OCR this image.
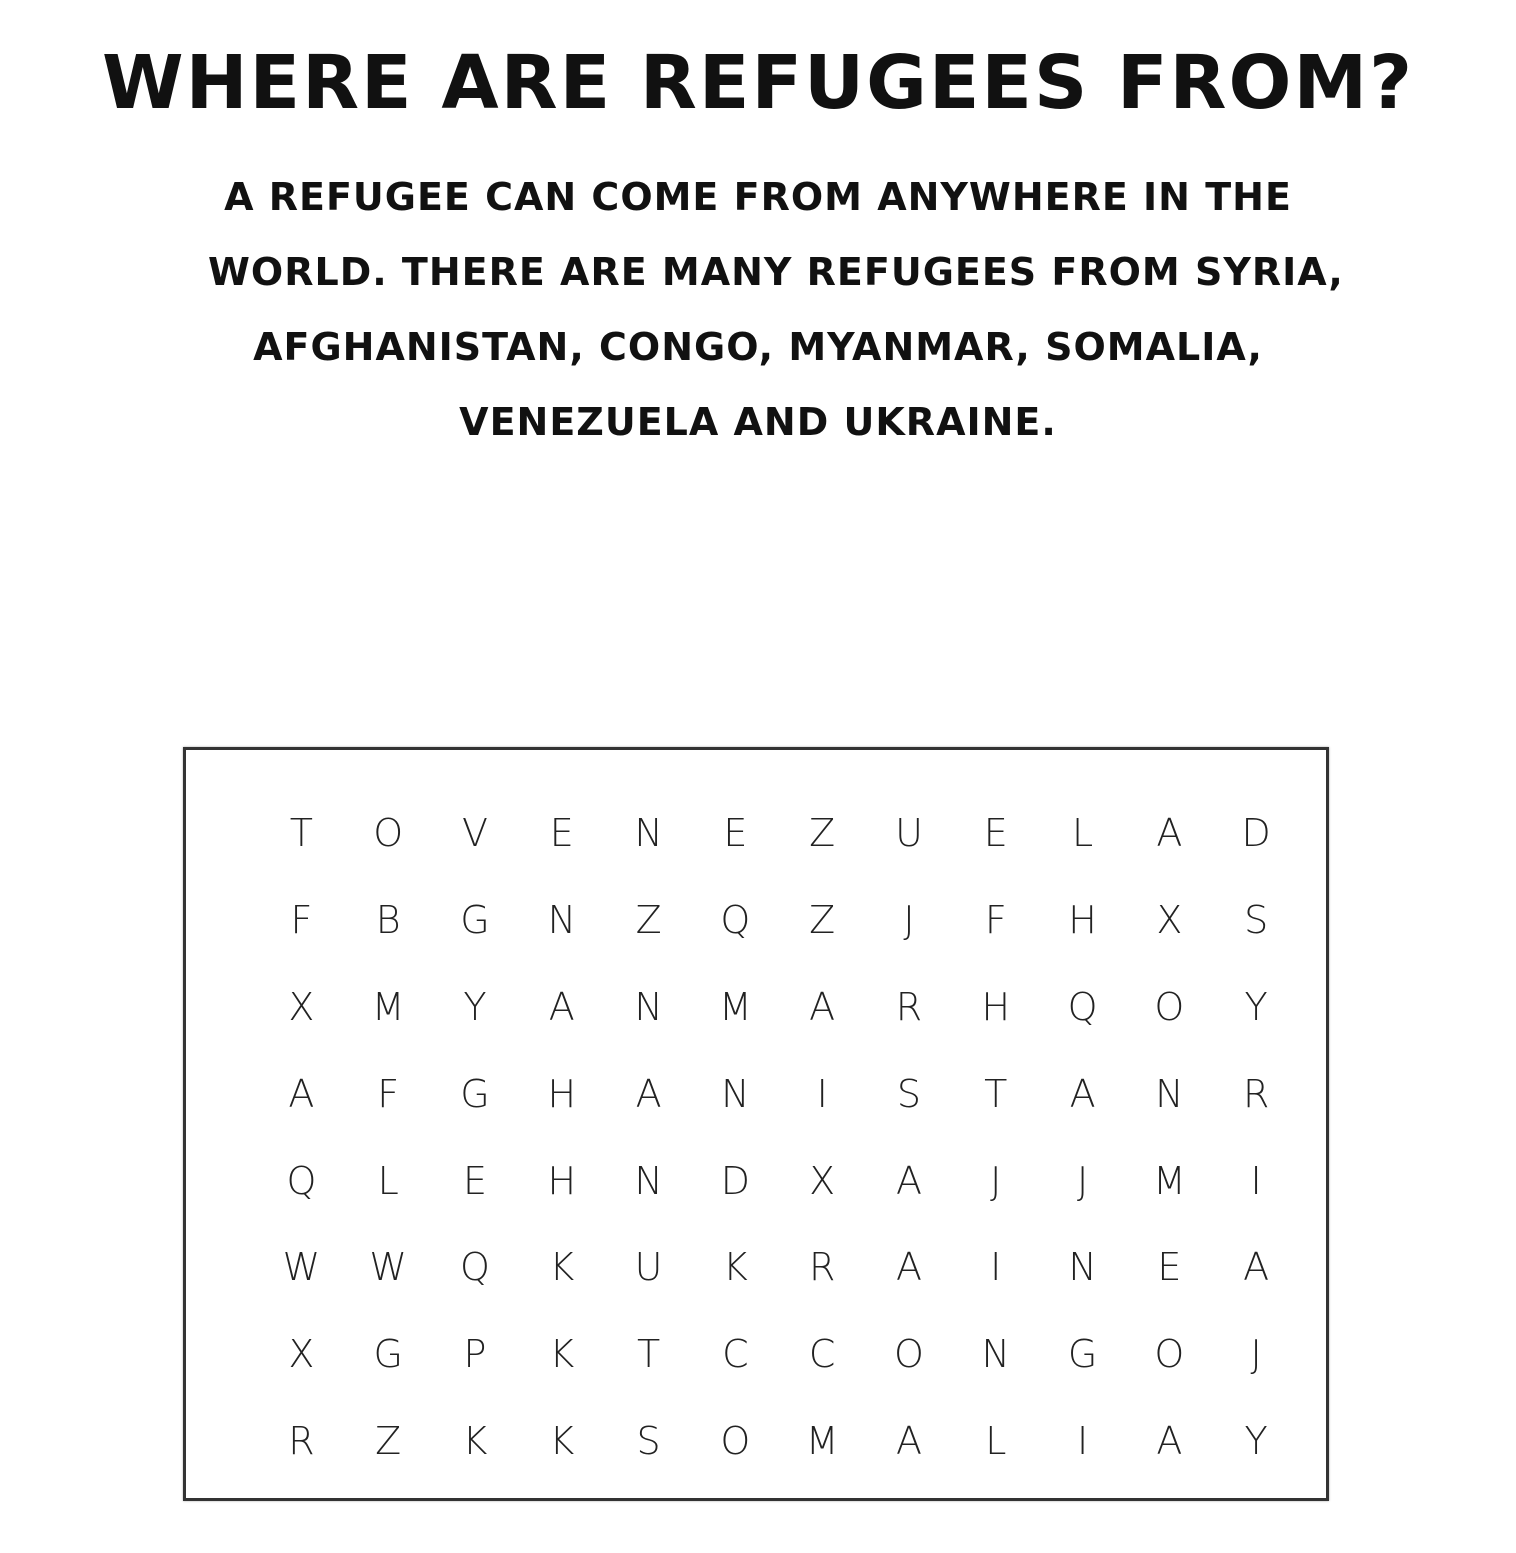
WHERE ARE REFUGEES FROM?

A REFUGEE CAN COME FROM ANYWHERE IN THE
WORLD. THERE ARE MANY REFUGEES FROM SYRIA,
AFGHANISTAN, CONGO, MYANMAR, SOMALIA,
VENEZUELA AND UKRAINE.

T	O	V	E	N	E	Z	U	E	L	A	D
F	B	G	N	Z	Q	Z	J	F	H	X	S
X	M	Y	A	N	M	A	R	H	Q	O	Y
A	F	G	H	A	N	I	S	T	A	N	R
Q	L	E	H	N	D	X	A	J	J	M	I
W	W	Q	K	U	K	R	A	I	N	E	A
X	G	P	K	T	C	C	O	N	G	O	J
R	Z	K	K	S	O	M	A	L	I	A	Y
